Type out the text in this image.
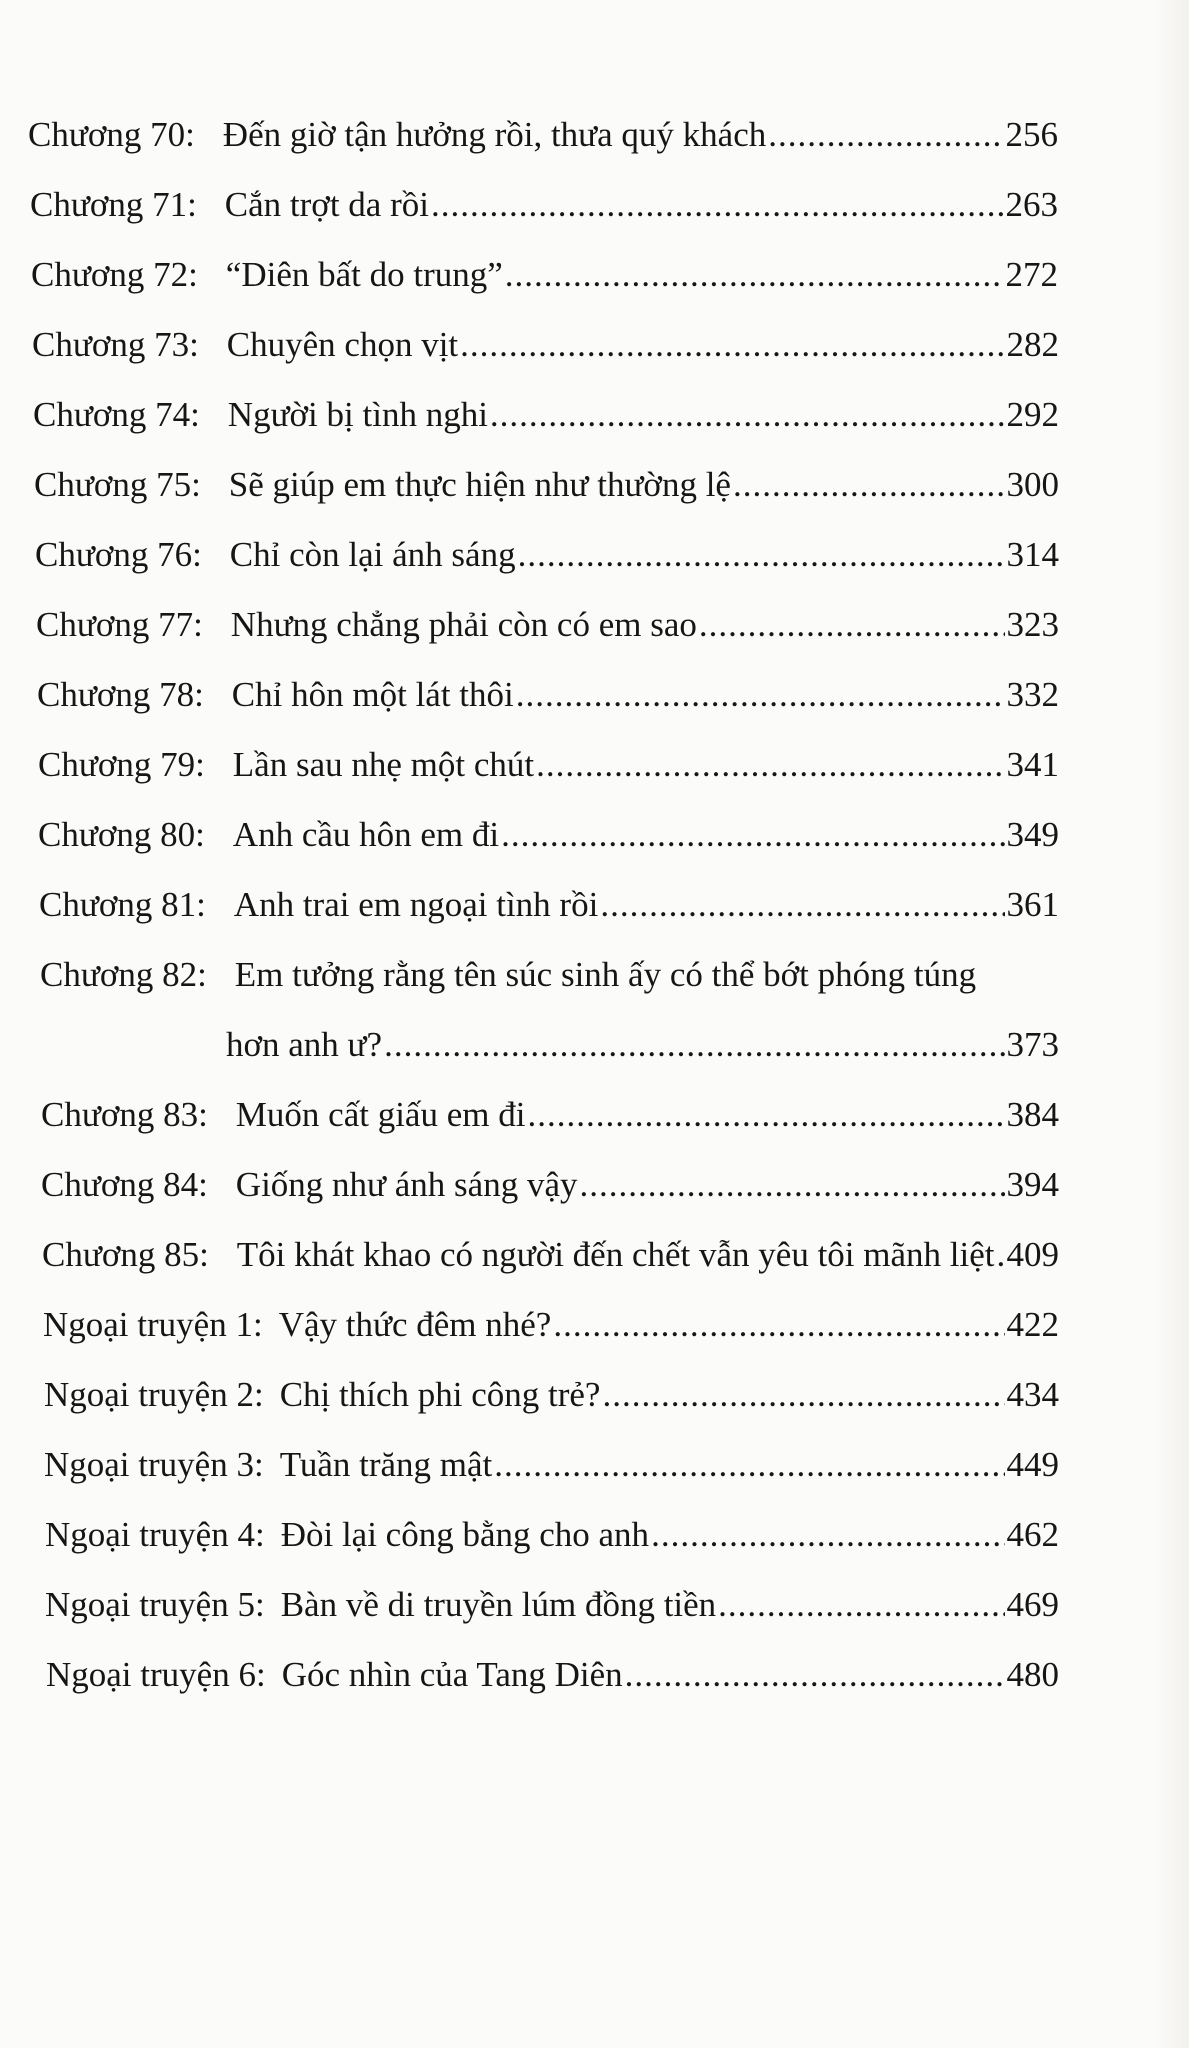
Chương 70: Đến giờ tận hưởng rồi, thưa quý khách .....	256
Chương 71: Cắn trợt da rồi .....	263
Chương 72: “Diên bất do trung” .....	272
Chương 73: Chuyên chọn vịt .....	282
Chương 74: Người bị tình nghi .....	292
Chương 75: Sẽ giúp em thực hiện như thường lệ .....	300
Chương 76: Chỉ còn lại ánh sáng .....	314
Chương 77: Nhưng chẳng phải còn có em sao .....	323
Chương 78: Chỉ hôn một lát thôi .....	332
Chương 79: Lần sau nhẹ một chút .....	341
Chương 80: Anh cầu hôn em đi .....	349
Chương 81: Anh trai em ngoại tình rồi .....	361
Chương 82: Em tưởng rằng tên súc sinh ấy có thể bớt phóng túng
hơn anh ư? .....	373
Chương 83: Muốn cất giấu em đi .....	384
Chương 84: Giống như ánh sáng vậy .....	394
Chương 85: Tôi khát khao có người đến chết vẫn yêu tôi mãnh liệt ..... 409
Ngoại truyện 1: Vậy thức đêm nhé? .....	422
Ngoại truyện 2: Chị thích phi công trẻ? .....	434
Ngoại truyện 3: Tuần trăng mật .....	449
Ngoại truyện 4: Đòi lại công bằng cho anh .....	462
Ngoại truyện 5: Bàn về di truyền lúm đồng tiền .....	469
Ngoại truyện 6: Góc nhìn của Tang Diên .....	480
